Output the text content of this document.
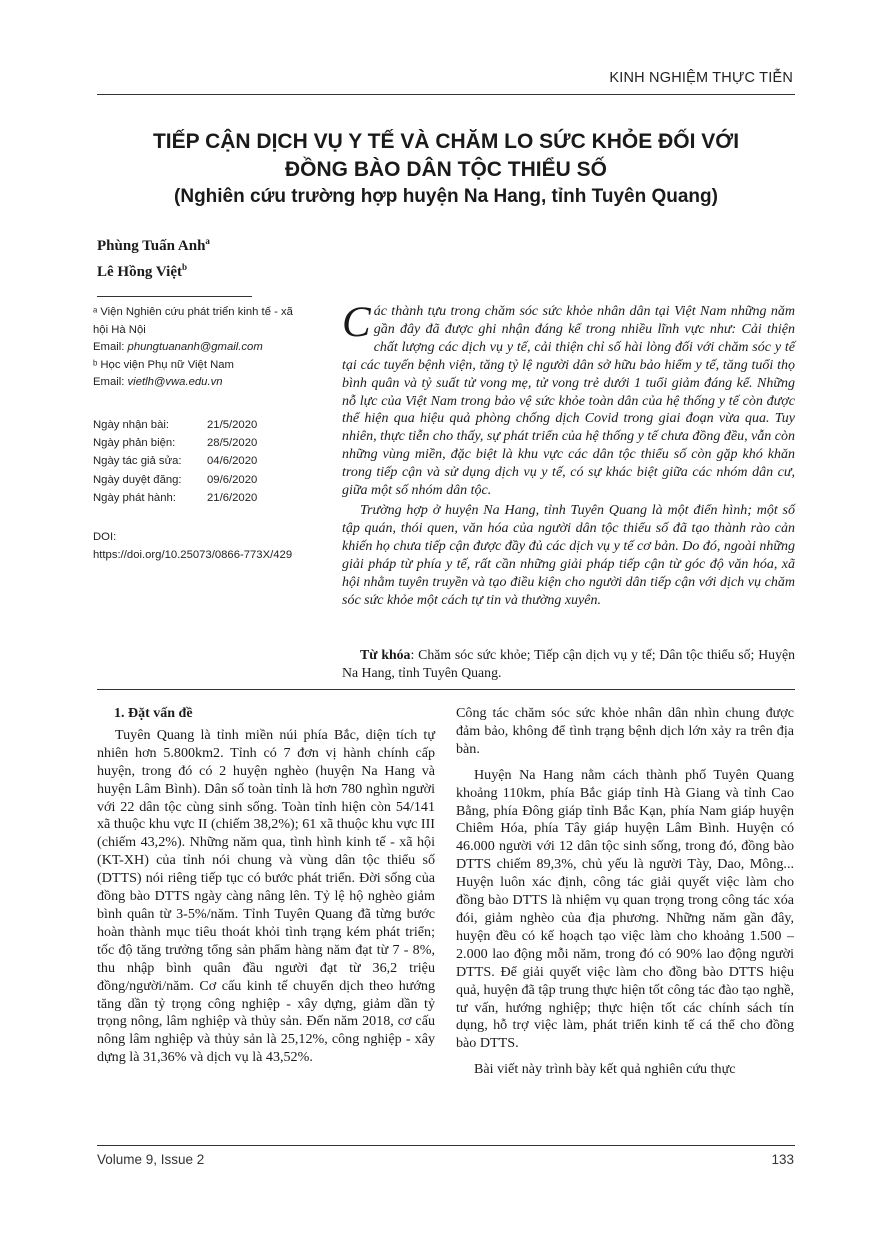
KINH NGHIỆM THỰC TIỄN
TIẾP CẬN DỊCH VỤ Y TẾ VÀ CHĂM LO SỨC KHỎE ĐỐI VỚI
ĐỒNG BÀO DÂN TỘC THIỂU SỐ
(Nghiên cứu trường hợp huyện Na Hang, tỉnh Tuyên Quang)
Phùng Tuấn Anh$^a$
Lê Hồng Việt$^b$
ᵃ Viện Nghiên cứu phát triển kinh tế - xã
hội Hà Nội
Email: phungtuananh@gmail.com
ᵇ Học viện Phụ nữ Việt Nam
Email: vietlh@vwa.edu.vn
Ngày nhận bài:	21/5/2020
Ngày phản biện:	28/5/2020
Ngày tác giả sửa:	04/6/2020
Ngày duyệt đăng:	09/6/2020
Ngày phát hành:	21/6/2020
DOI:
https://doi.org/10.25073/0866-773X/429

Các thành tựu trong chăm sóc sức khỏe nhân dân tại Việt Nam những năm gần đây đã được ghi nhận đáng kể trong nhiều lĩnh vực như: Cải thiện chất lượng các dịch vụ y tế, cải thiện chỉ số hài lòng đối với chăm sóc y tế tại các tuyến bệnh viện, tăng tỷ lệ người dân sở hữu bảo hiểm y tế, tăng tuổi thọ bình quân và tỷ suất tử vong mẹ, tử vong trẻ dưới 1 tuổi giảm đáng kể. Những nỗ lực của Việt Nam trong bảo vệ sức khỏe toàn dân của hệ thống y tế còn được thể hiện qua hiệu quả phòng chống dịch Covid trong giai đoạn vừa qua. Tuy nhiên, thực tiễn cho thấy, sự phát triển của hệ thống y tế chưa đồng đều, vẫn còn những vùng miền, đặc biệt là khu vực các dân tộc thiểu số còn gặp khó khăn trong tiếp cận và sử dụng dịch vụ y tế, có sự khác biệt giữa các nhóm dân cư, giữa một số nhóm dân tộc.

Trường hợp ở huyện Na Hang, tỉnh Tuyên Quang là một điển hình; một số tập quán, thói quen, văn hóa của người dân tộc thiểu số đã tạo thành rào cản khiến họ chưa tiếp cận được đầy đủ các dịch vụ y tế cơ bản. Do đó, ngoài những giải pháp từ phía y tế, rất cần những giải pháp tiếp cận từ góc độ văn hóa, xã hội nhằm tuyên truyền và tạo điều kiện cho người dân tiếp cận với dịch vụ chăm sóc sức khỏe một cách tự tin và thường xuyên.

Từ khóa: Chăm sóc sức khỏe; Tiếp cận dịch vụ y tế; Dân tộc thiểu số; Huyện Na Hang, tỉnh Tuyên Quang.
1. Đặt vấn đề

Tuyên Quang là tỉnh miền núi phía Bắc, diện tích tự nhiên hơn 5.800km2. Tỉnh có 7 đơn vị hành chính cấp huyện, trong đó có 2 huyện nghèo (huyện Na Hang và huyện Lâm Bình). Dân số toàn tỉnh là hơn 780 nghìn người với 22 dân tộc cùng sinh sống. Toàn tỉnh hiện còn 54/141 xã thuộc khu vực II (chiếm 38,2%); 61 xã thuộc khu vực III (chiếm 43,2%). Những năm qua, tình hình kinh tế - xã hội (KT-XH) của tỉnh nói chung và vùng dân tộc thiểu số (DTTS) nói riêng tiếp tục có bước phát triển. Đời sống của đồng bào DTTS ngày càng nâng lên. Tỷ lệ hộ nghèo giảm bình quân từ 3-5%/năm. Tỉnh Tuyên Quang đã từng bước hoàn thành mục tiêu thoát khỏi tình trạng kém phát triển; tốc độ tăng trưởng tổng sản phẩm hàng năm đạt từ 7 - 8%, thu nhập bình quân đầu người đạt từ 36,2 triệu đồng/người/năm. Cơ cấu kinh tế chuyển dịch theo hướng tăng dần tỷ trọng công nghiệp - xây dựng, giảm dần tỷ trọng nông, lâm nghiệp và thủy sản. Đến năm 2018, cơ cấu nông lâm nghiệp và thủy sản là 25,12%, công nghiệp - xây dựng là 31,36% và dịch vụ là 43,52%.

Công tác chăm sóc sức khỏe nhân dân nhìn chung được đảm bảo, không để tình trạng bệnh dịch lớn xảy ra trên địa bàn.

Huyện Na Hang nằm cách thành phố Tuyên Quang khoảng 110km, phía Bắc giáp tỉnh Hà Giang và tỉnh Cao Bằng, phía Đông giáp tỉnh Bắc Kạn, phía Nam giáp huyện Chiêm Hóa, phía Tây giáp huyện Lâm Bình. Huyện có 46.000 người với 12 dân tộc sinh sống, trong đó, đồng bào DTTS chiếm 89,3%, chủ yếu là người Tày, Dao, Mông... Huyện luôn xác định, công tác giải quyết việc làm cho đồng bào DTTS là nhiệm vụ quan trọng trong công tác xóa đói, giảm nghèo của địa phương. Những năm gần đây, huyện đều có kế hoạch tạo việc làm cho khoảng 1.500 – 2.000 lao động mỗi năm, trong đó có 90% lao động người DTTS. Để giải quyết việc làm cho đồng bào DTTS hiệu quả, huyện đã tập trung thực hiện tốt công tác đào tạo nghề, tư vấn, hướng nghiệp; thực hiện tốt các chính sách tín dụng, hỗ trợ việc làm, phát triển kinh tế cá thể cho đồng bào DTTS.

Bài viết này trình bày kết quả nghiên cứu thực

Volume 9, Issue 2	133
